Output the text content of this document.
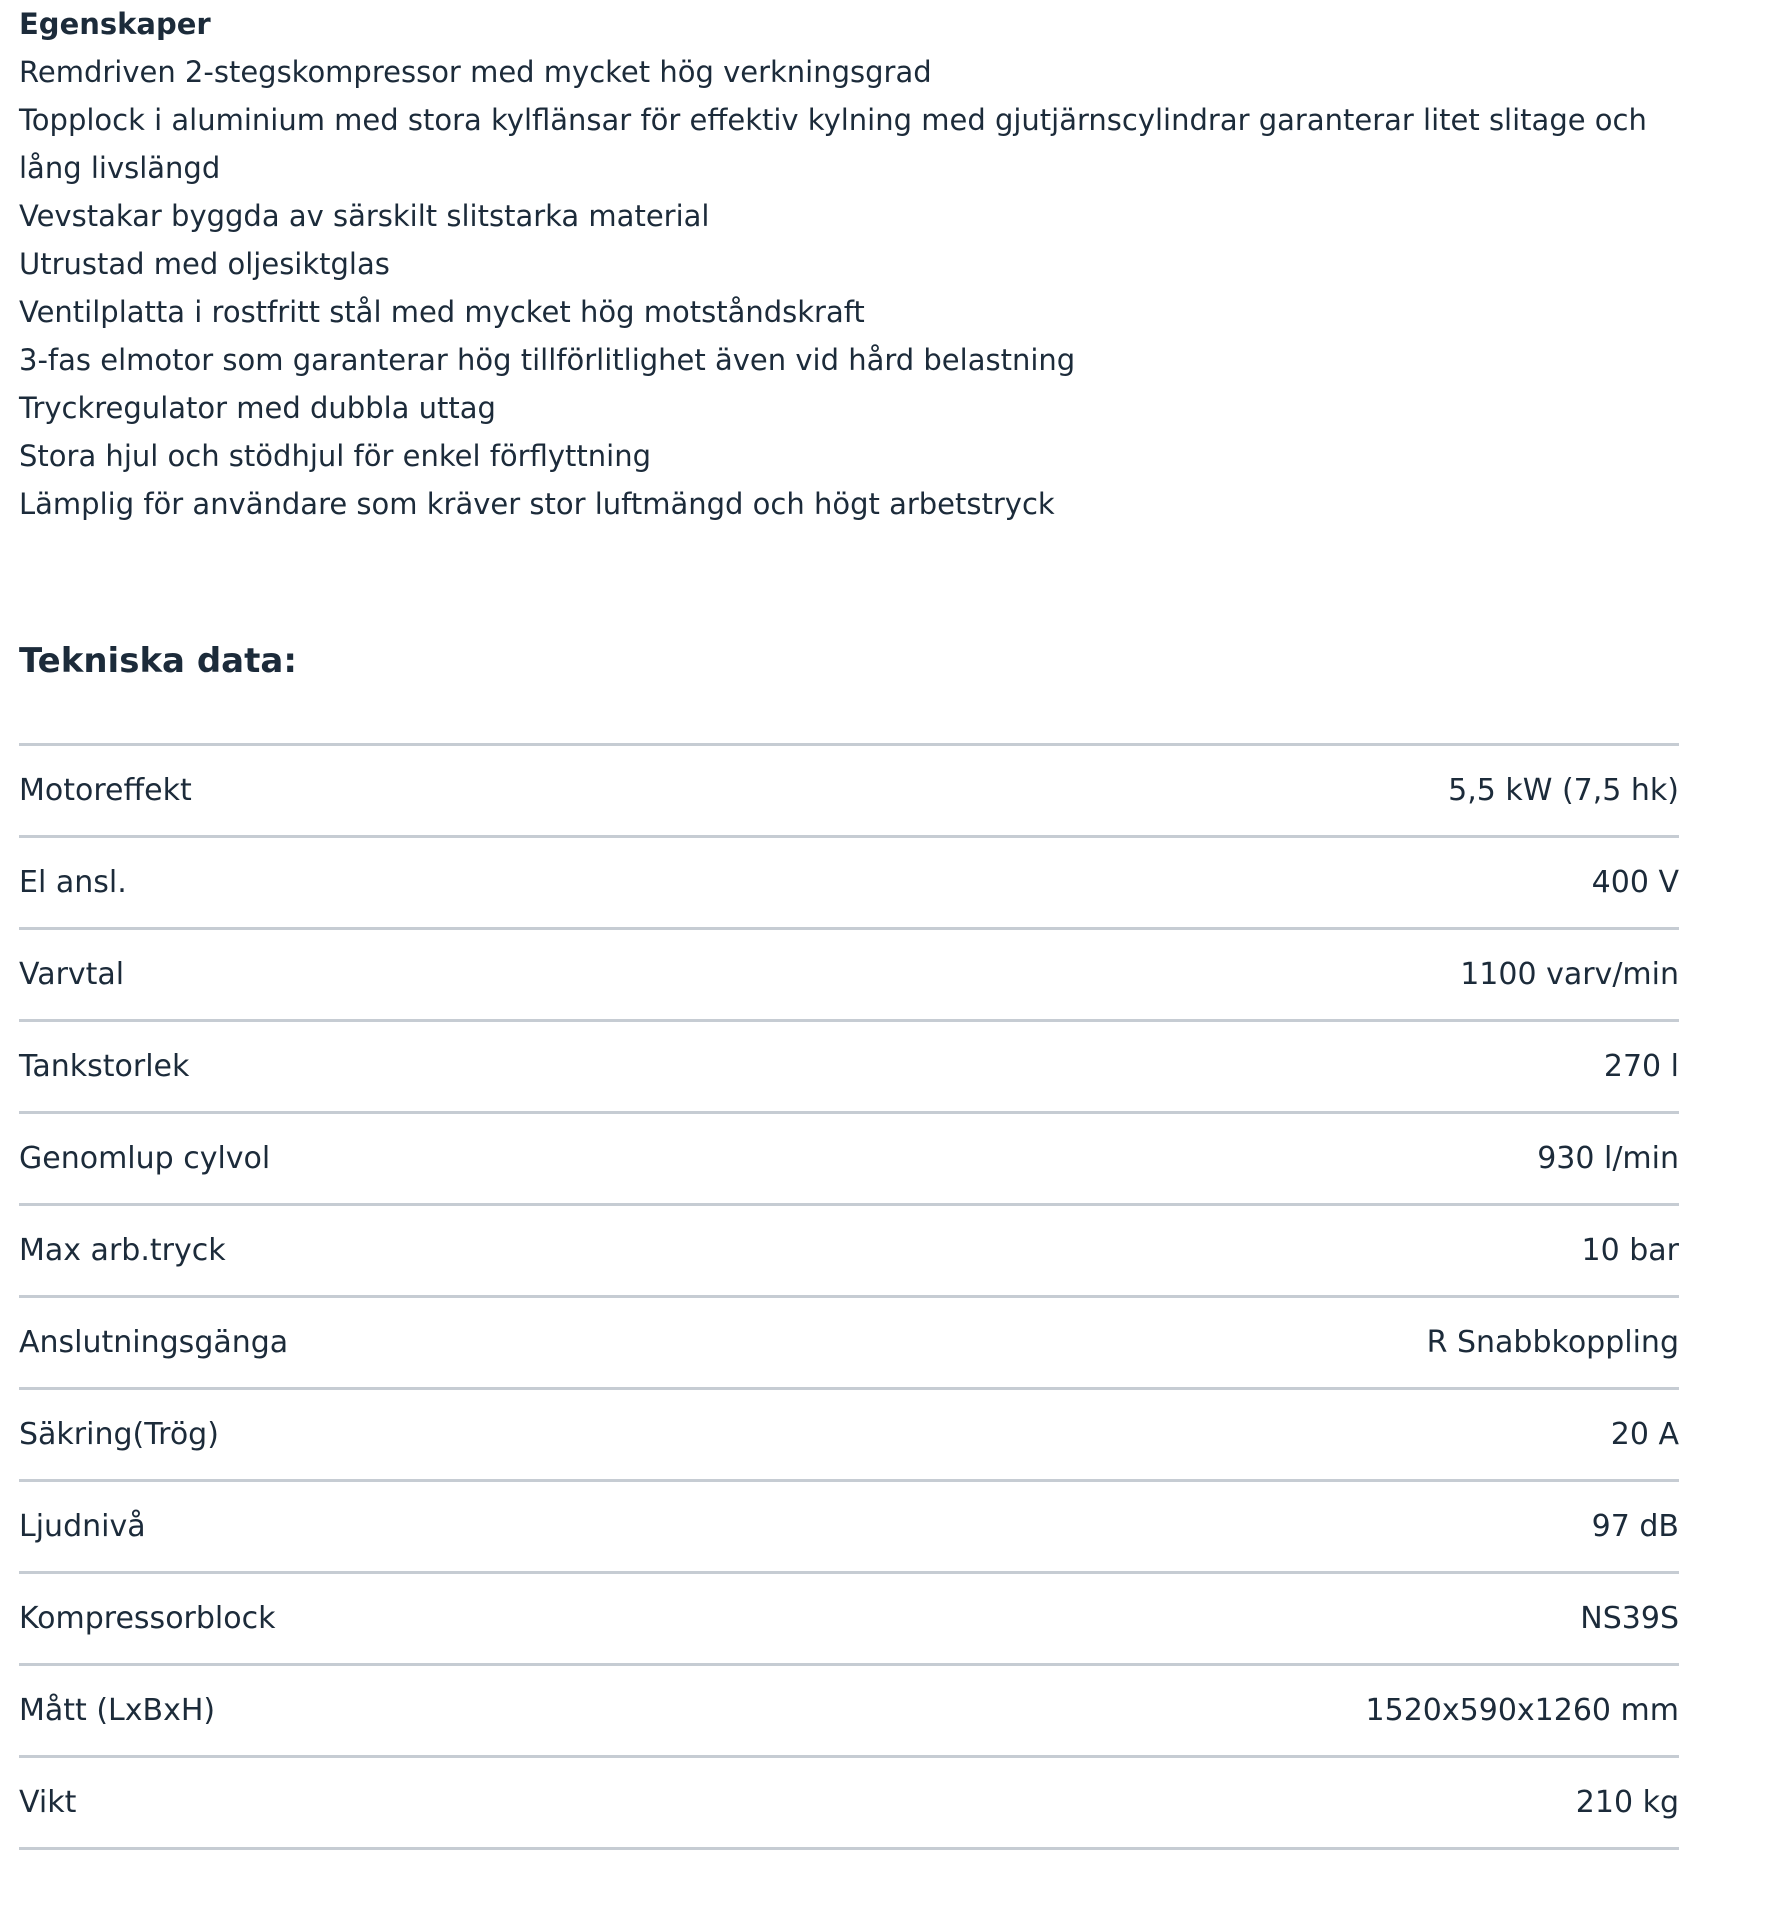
Egenskaper
Remdriven 2-stegskompressor med mycket hög verkningsgrad
Topplock i aluminium med stora kylflänsar för effektiv kylning med gjutjärnscylindrar garanterar litet slitage och lång livslängd
Vevstakar byggda av särskilt slitstarka material
Utrustad med oljesiktglas
Ventilplatta i rostfritt stål med mycket hög motståndskraft
3-fas elmotor som garanterar hög tillförlitlighet även vid hård belastning
Tryckregulator med dubbla uttag
Stora hjul och stödhjul för enkel förflyttning
Lämplig för användare som kräver stor luftmängd och högt arbetstryck
Tekniska data:
Motoreffekt	5,5 kW (7,5 hk)
El ansl.	400 V
Varvtal	1100 varv/min
Tankstorlek	270 l
Genomlup cylvol	930 l/min
Max arb.tryck	10 bar
Anslutningsgänga	R Snabbkoppling
Säkring(Trög)	20 A
Ljudnivå	97 dB
Kompressorblock	NS39S
Mått (LxBxH)	1520x590x1260 mm
Vikt	210 kg
